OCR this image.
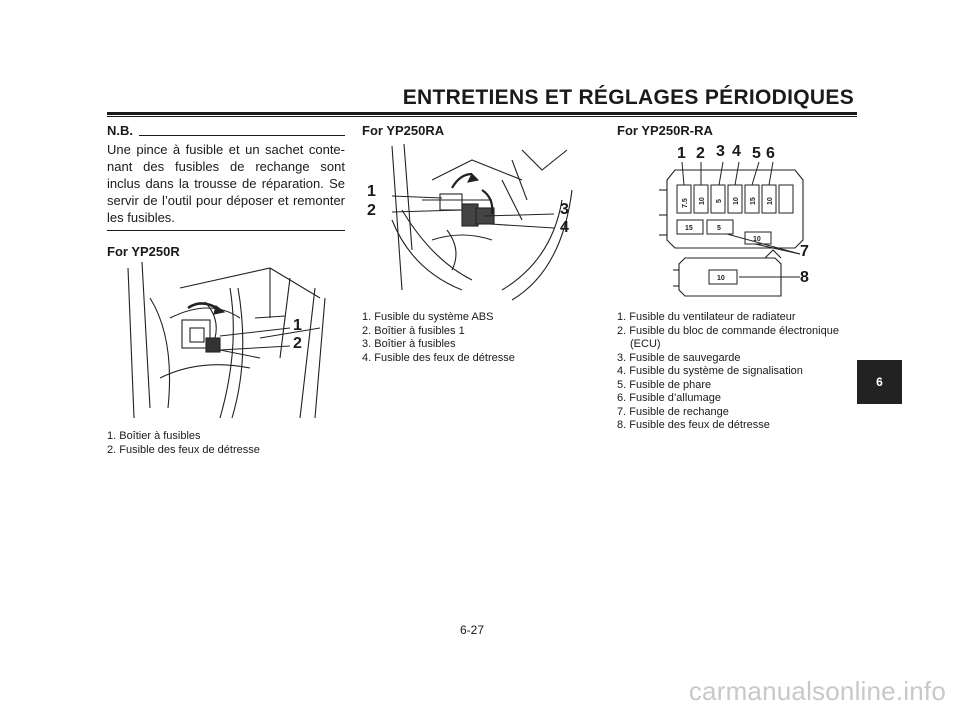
ENTRETIENS ET RÉGLAGES PÉRIODIQUES
N.B.
Une pince à fusible et un sachet conte-nant des fusibles de rechange sont inclus dans la trousse de réparation. Se servir de l’outil pour déposer et remonter les fusibles.
For YP250R
1
2
1. Boîtier à fusibles
2. Fusible des feux de détresse
For YP250RA
1
2	3
4
1. Fusible du système ABS
2. Boîtier à fusibles 1
3. Boîtier à fusibles
4. Fusible des feux de détresse
For YP250R-RA
7.5 10 5 10 15 10
15	5
10
10
1 2 3 4 5 6
7
8
1. Fusible du ventilateur de radiateur
2. Fusible du bloc de commande électronique
(ECU)
3. Fusible de sauvegarde
4. Fusible du système de signalisation
5. Fusible de phare
6. Fusible d’allumage
7. Fusible de rechange
8. Fusible des feux de détresse
6
6-27
carmanualsonline.info
